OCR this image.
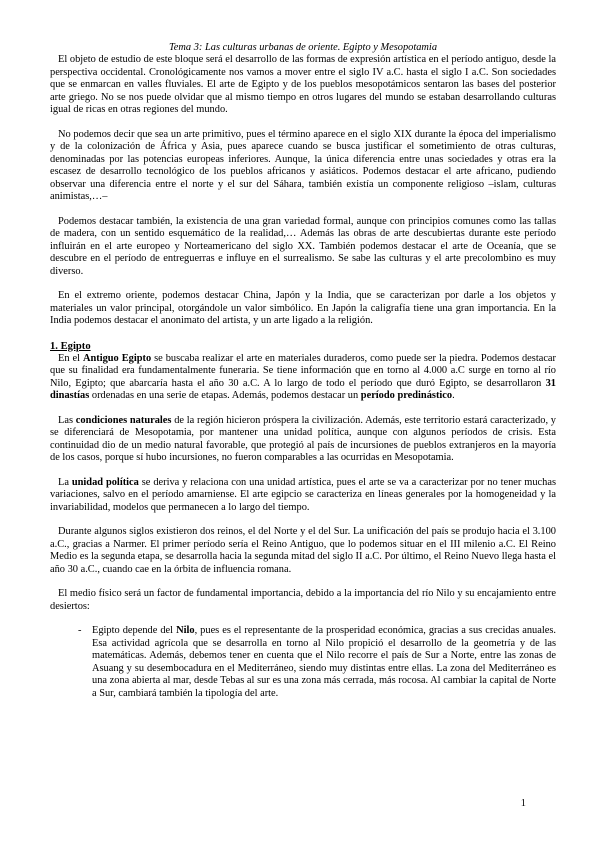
Tema 3: Las culturas urbanas de oriente. Egipto y Mesopotamia

El objeto de estudio de este bloque será el desarrollo de las formas de expresión artística en el período antiguo, desde la perspectiva occidental. Cronológicamente nos vamos a mover entre el siglo IV a.C. hasta el siglo I a.C. Son sociedades que se enmarcan en valles fluviales. El arte de Egipto y de los pueblos mesopotámicos sentaron las bases del posterior arte griego. No se nos puede olvidar que al mismo tiempo en otros lugares del mundo se estaban desarrollando culturas igual de ricas en otras regiones del mundo.

No podemos decir que sea un arte primitivo, pues el término aparece en el siglo XIX durante la época del imperialismo y de la colonización de África y Asia, pues aparece cuando se busca justificar el sometimiento de otras culturas, denominadas por las potencias europeas inferiores. Aunque, la única diferencia entre unas sociedades y otras era la escasez de desarrollo tecnológico de los pueblos africanos y asiáticos. Podemos destacar el arte africano, pudiendo observar una diferencia entre el norte y el sur del Sáhara, también existía un componente religioso –islam, culturas animistas,…–

Podemos destacar también, la existencia de una gran variedad formal, aunque con principios comunes como las tallas de madera, con un sentido esquemático de la realidad,… Además las obras de arte descubiertas durante este período influirán en el arte europeo y Norteamericano del siglo XX. También podemos destacar el arte de Oceanía, que se descubre en el período de entreguerras e influye en el surrealismo. Se sabe las culturas y el arte precolombino es muy diverso.

En el extremo oriente, podemos destacar China, Japón y la India, que se caracterizan por darle a los objetos y materiales un valor principal, otorgándole un valor simbólico. En Japón la caligrafía tiene una gran importancia. En la India podemos destacar el anonimato del artista, y un arte ligado a la religión.

1. Egipto

En el Antiguo Egipto se buscaba realizar el arte en materiales duraderos, como puede ser la piedra. Podemos destacar que su finalidad era fundamentalmente funeraria. Se tiene información que en torno al 4.000 a.C surge en torno al río Nilo, Egipto; que abarcaría hasta el año 30 a.C. A lo largo de todo el período que duró Egipto, se desarrollaron 31 dinastías ordenadas en una serie de etapas. Además, podemos destacar un período predinástico.

Las condiciones naturales de la región hicieron próspera la civilización. Además, este territorio estará caracterizado, y se diferenciará de Mesopotamia, por mantener una unidad política, aunque con algunos períodos de crisis. Esta continuidad dio de un medio natural favorable, que protegió al país de incursiones de pueblos extranjeros en la mayoría de los casos, porque sí hubo incursiones, no fueron comparables a las ocurridas en Mesopotamia.

La unidad política se deriva y relaciona con una unidad artística, pues el arte se va a caracterizar por no tener muchas variaciones, salvo en el período amarniense. El arte egipcio se caracteriza en líneas generales por la homogeneidad y la invariabilidad, modelos que permanecen a lo largo del tiempo.

Durante algunos siglos existieron dos reinos, el del Norte y el del Sur. La unificación del país se produjo hacia el 3.100 a.C., gracias a Narmer. El primer período sería el Reino Antiguo, que lo podemos situar en el III milenio a.C. El Reino Medio es la segunda etapa, se desarrolla hacia la segunda mitad del siglo II a.C. Por último, el Reino Nuevo llega hasta el año 30 a.C., cuando cae en la órbita de influencia romana.

El medio físico será un factor de fundamental importancia, debido a la importancia del río Nilo y su encajamiento entre desiertos:

- Egipto depende del Nilo, pues es el representante de la prosperidad económica, gracias a sus crecidas anuales. Esa actividad agrícola que se desarrolla en torno al Nilo propició el desarrollo de la geometría y de las matemáticas. Además, debemos tener en cuenta que el Nilo recorre el país de Sur a Norte, entre las zonas de Asuang y su desembocadura en el Mediterráneo, siendo muy distintas entre ellas. La zona del Mediterráneo es una zona abierta al mar, desde Tebas al sur es una zona más cerrada, más rocosa. Al cambiar la capital de Norte a Sur, cambiará también la tipología del arte.

1
